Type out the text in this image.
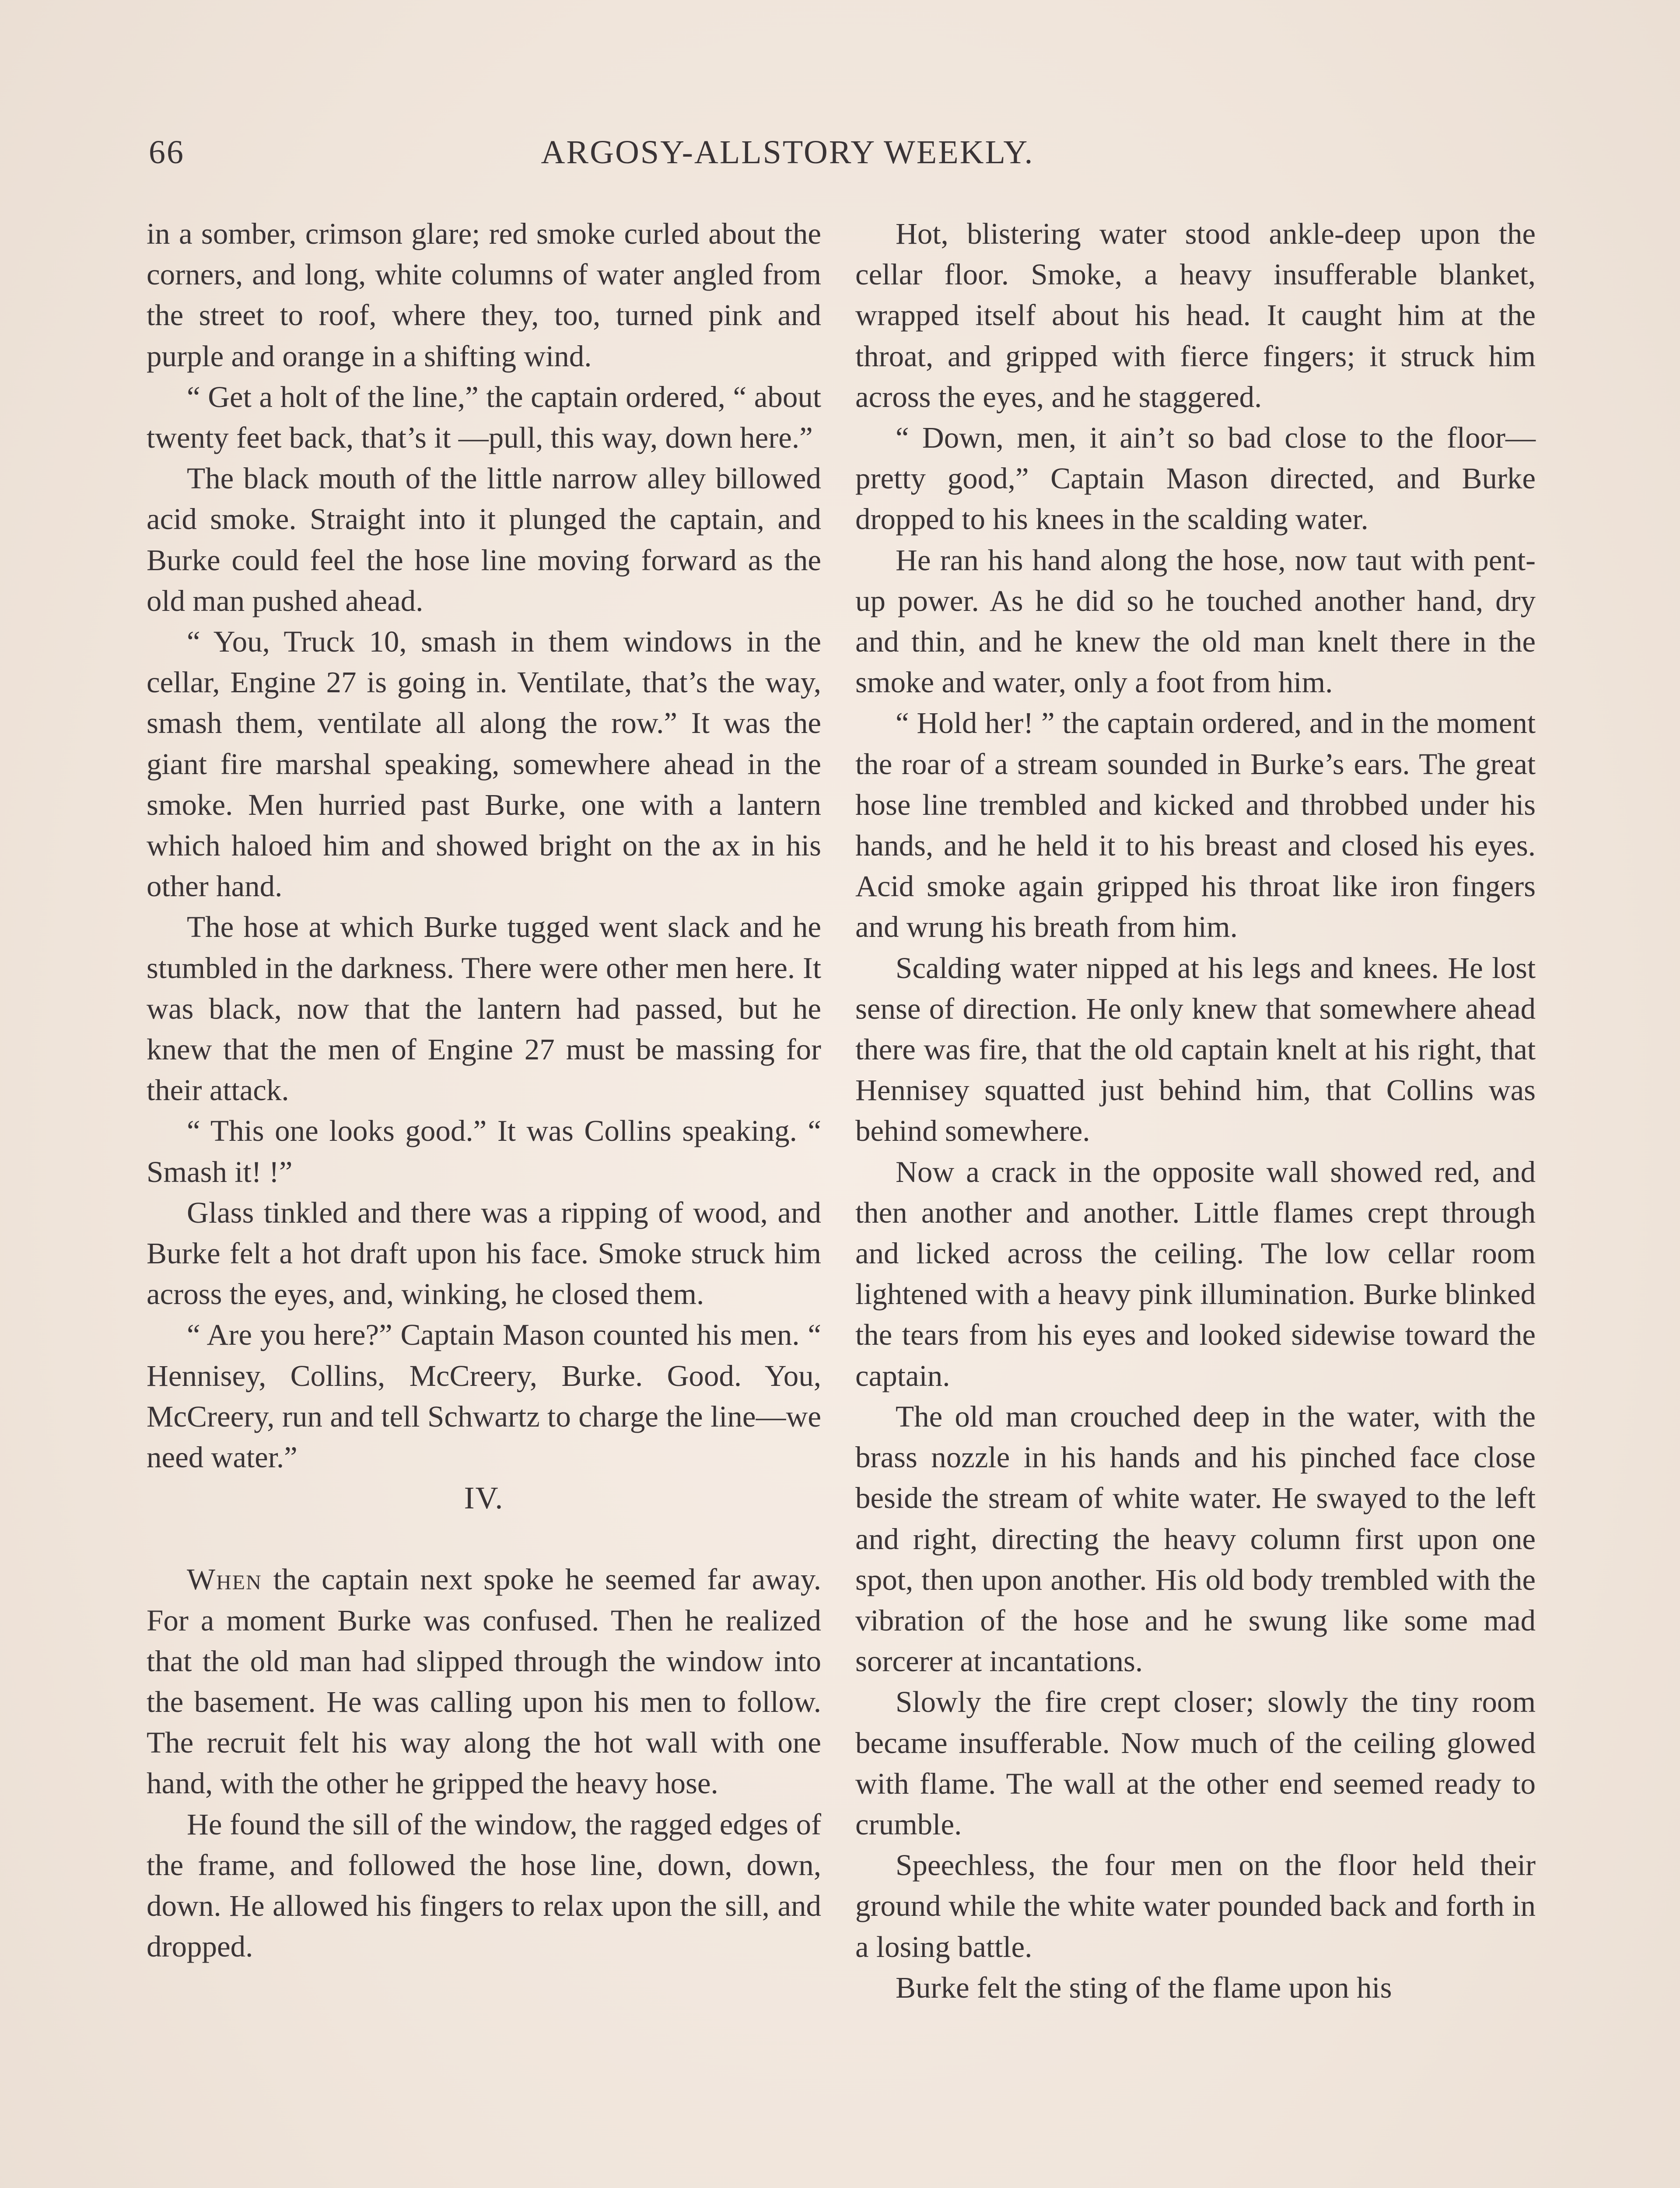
66	ARGOSY-ALLSTORY WEEKLY.

in a somber, crimson glare; red smoke curled about the corners, and long, white columns of water angled from the street to roof, where they, too, turned pink and purple and orange in a shifting wind.

“ Get a holt of the line,” the captain ordered, “ about twenty feet back, that’s it —pull, this way, down here.”

The black mouth of the little narrow alley billowed acid smoke. Straight into it plunged the captain, and Burke could feel the hose line moving forward as the old man pushed ahead.

“ You, Truck 10, smash in them windows in the cellar, Engine 27 is going in. Ventilate, that’s the way, smash them, ventilate all along the row.” It was the giant fire marshal speaking, somewhere ahead in the smoke. Men hurried past Burke, one with a lantern which haloed him and showed bright on the ax in his other hand.

The hose at which Burke tugged went slack and he stumbled in the darkness. There were other men here. It was black, now that the lantern had passed, but he knew that the men of Engine 27 must be massing for their attack.

“ This one looks good.” It was Collins speaking. “ Smash it! !”

Glass tinkled and there was a ripping of wood, and Burke felt a hot draft upon his face. Smoke struck him across the eyes, and, winking, he closed them.

“ Are you here?” Captain Mason counted his men. “ Hennisey, Collins, McCreery, Burke. Good. You, McCreery, run and tell Schwartz to charge the line—we need water.”

IV.

When the captain next spoke he seemed far away. For a moment Burke was confused. Then he realized that the old man had slipped through the window into the basement. He was calling upon his men to follow. The recruit felt his way along the hot wall with one hand, with the other he gripped the heavy hose.

He found the sill of the window, the ragged edges of the frame, and followed the hose line, down, down, down. He allowed his fingers to relax upon the sill, and dropped.

Hot, blistering water stood ankle-deep upon the cellar floor. Smoke, a heavy insufferable blanket, wrapped itself about his head. It caught him at the throat, and gripped with fierce fingers; it struck him across the eyes, and he staggered.

“ Down, men, it ain’t so bad close to the floor—pretty good,” Captain Mason directed, and Burke dropped to his knees in the scalding water.

He ran his hand along the hose, now taut with pent-up power. As he did so he touched another hand, dry and thin, and he knew the old man knelt there in the smoke and water, only a foot from him.

“ Hold her! ” the captain ordered, and in the moment the roar of a stream sounded in Burke’s ears. The great hose line trembled and kicked and throbbed under his hands, and he held it to his breast and closed his eyes. Acid smoke again gripped his throat like iron fingers and wrung his breath from him.

Scalding water nipped at his legs and knees. He lost sense of direction. He only knew that somewhere ahead there was fire, that the old captain knelt at his right, that Hennisey squatted just behind him, that Collins was behind somewhere.

Now a crack in the opposite wall showed red, and then another and another. Little flames crept through and licked across the ceiling. The low cellar room lightened with a heavy pink illumination. Burke blinked the tears from his eyes and looked sidewise toward the captain.

The old man crouched deep in the water, with the brass nozzle in his hands and his pinched face close beside the stream of white water. He swayed to the left and right, directing the heavy column first upon one spot, then upon another. His old body trembled with the vibration of the hose and he swung like some mad sorcerer at incantations.

Slowly the fire crept closer; slowly the tiny room became insufferable. Now much of the ceiling glowed with flame. The wall at the other end seemed ready to crumble.

Speechless, the four men on the floor held their ground while the white water pounded back and forth in a losing battle.

Burke felt the sting of the flame upon his
